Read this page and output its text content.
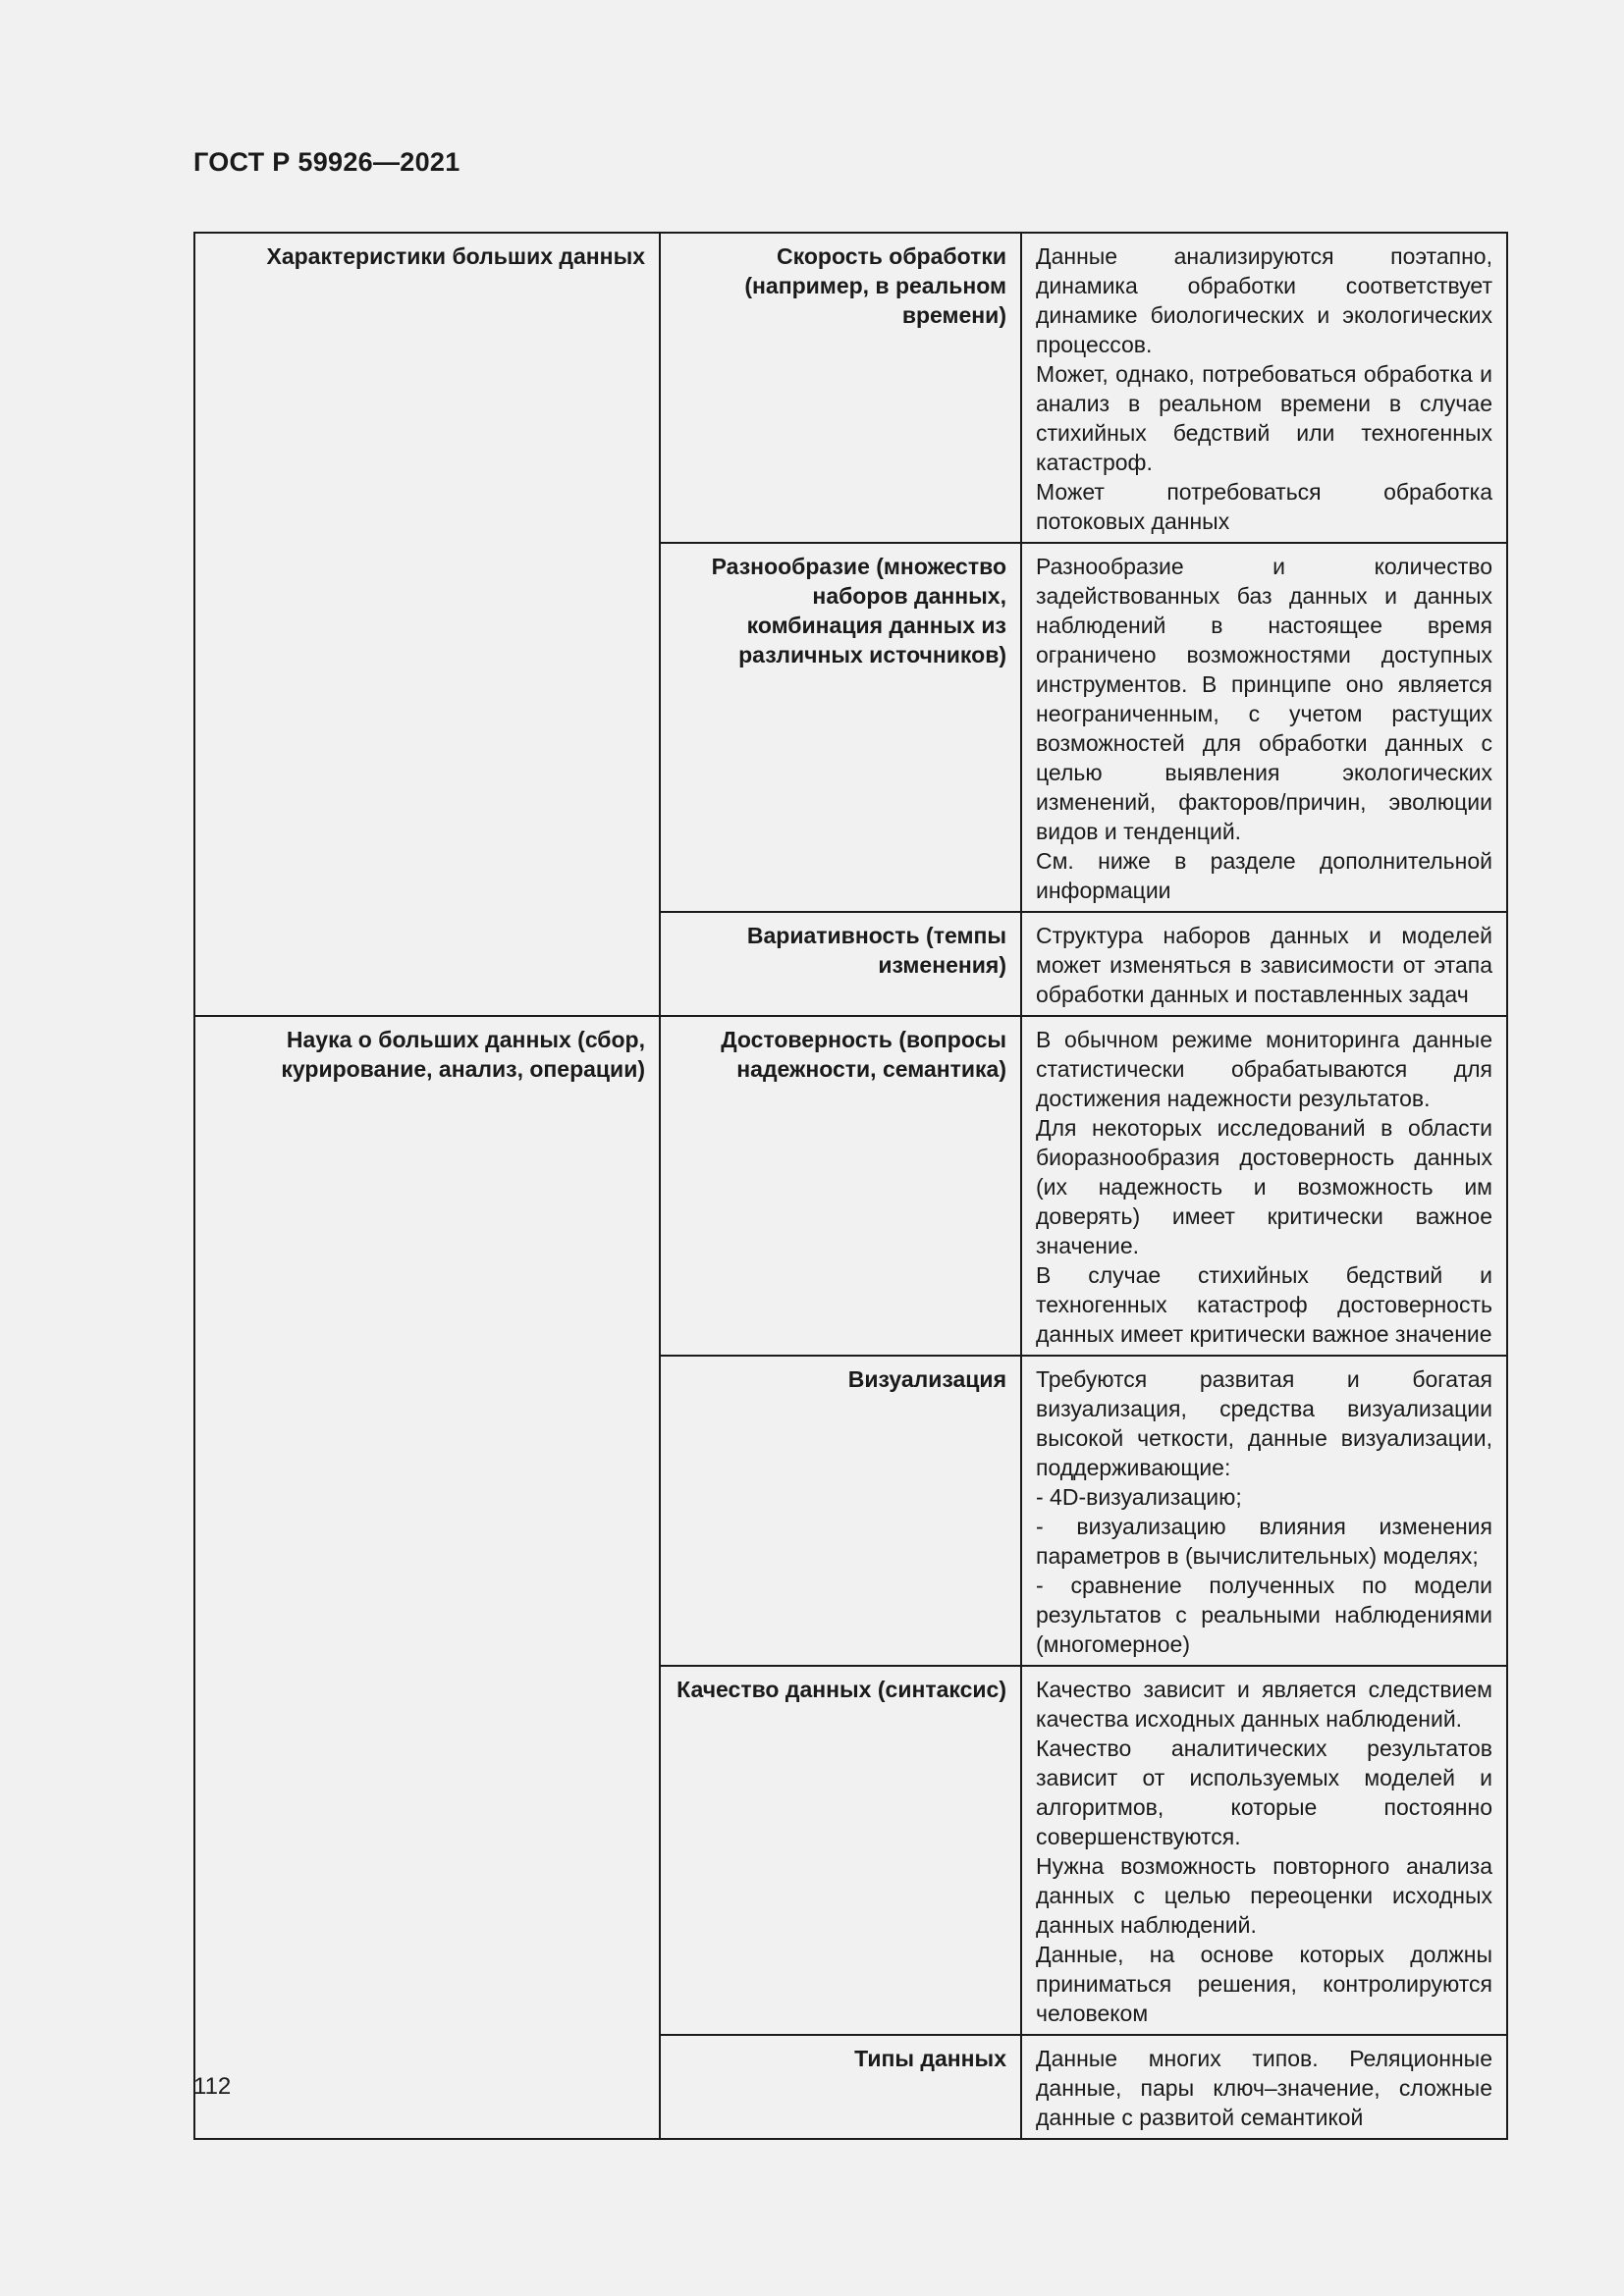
ГОСТ Р 59926—2021
Характеристики больших данных	Скорость обработки (например, в реальном времени)	Данные анализируются поэтапно, динамика обработки соответствует динамике биологических и экологических процессов.
Может, однако, потребоваться обработка и анализ в реальном времени в случае стихийных бедствий или техногенных катастроф.
Может потребоваться обработка потоковых данных

	Разнообразие (множество наборов данных, комбинация данных из различных источников)	Разнообразие и количество задействованных баз данных и данных наблюдений в настоящее время ограничено возможностями доступных инструментов. В принципе оно является неограниченным, с учетом растущих возможностей для обработки данных с целью выявления экологических изменений, факторов/причин, эволюции видов и тенденций.
См. ниже в разделе дополнительной информации

	Вариативность (темпы изменения)	Структура наборов данных и моделей может изменяться в зависимости от этапа обработки данных и поставленных задач

Наука о больших данных (сбор, курирование, анализ, операции)	Достоверность (вопросы надежности, семантика)	В обычном режиме мониторинга данные статистически обрабатываются для достижения надежности результатов.
Для некоторых исследований в области биоразнообразия достоверность данных (их надежность и возможность им доверять) имеет критически важное значение.
В случае стихийных бедствий и техногенных катастроф достоверность данных имеет критически важное значение

	Визуализация	Требуются развитая и богатая визуализация, средства визуализации высокой четкости, данные визуализации, поддерживающие:
- 4D-визуализацию;
- визуализацию влияния изменения параметров в (вычислительных) моделях;
- сравнение полученных по модели результатов с реальными наблюдениями (многомерное)

	Качество данных (синтаксис)	Качество зависит и является следствием качества исходных данных наблюдений.
Качество аналитических результатов зависит от используемых моделей и алгоритмов, которые постоянно совершенствуются.
Нужна возможность повторного анализа данных с целью переоценки исходных данных наблюдений.
Данные, на основе которых должны приниматься решения, контролируются человеком

	Типы данных	Данные многих типов. Реляционные данные, пары ключ–значение, сложные данные с развитой семантикой
112
